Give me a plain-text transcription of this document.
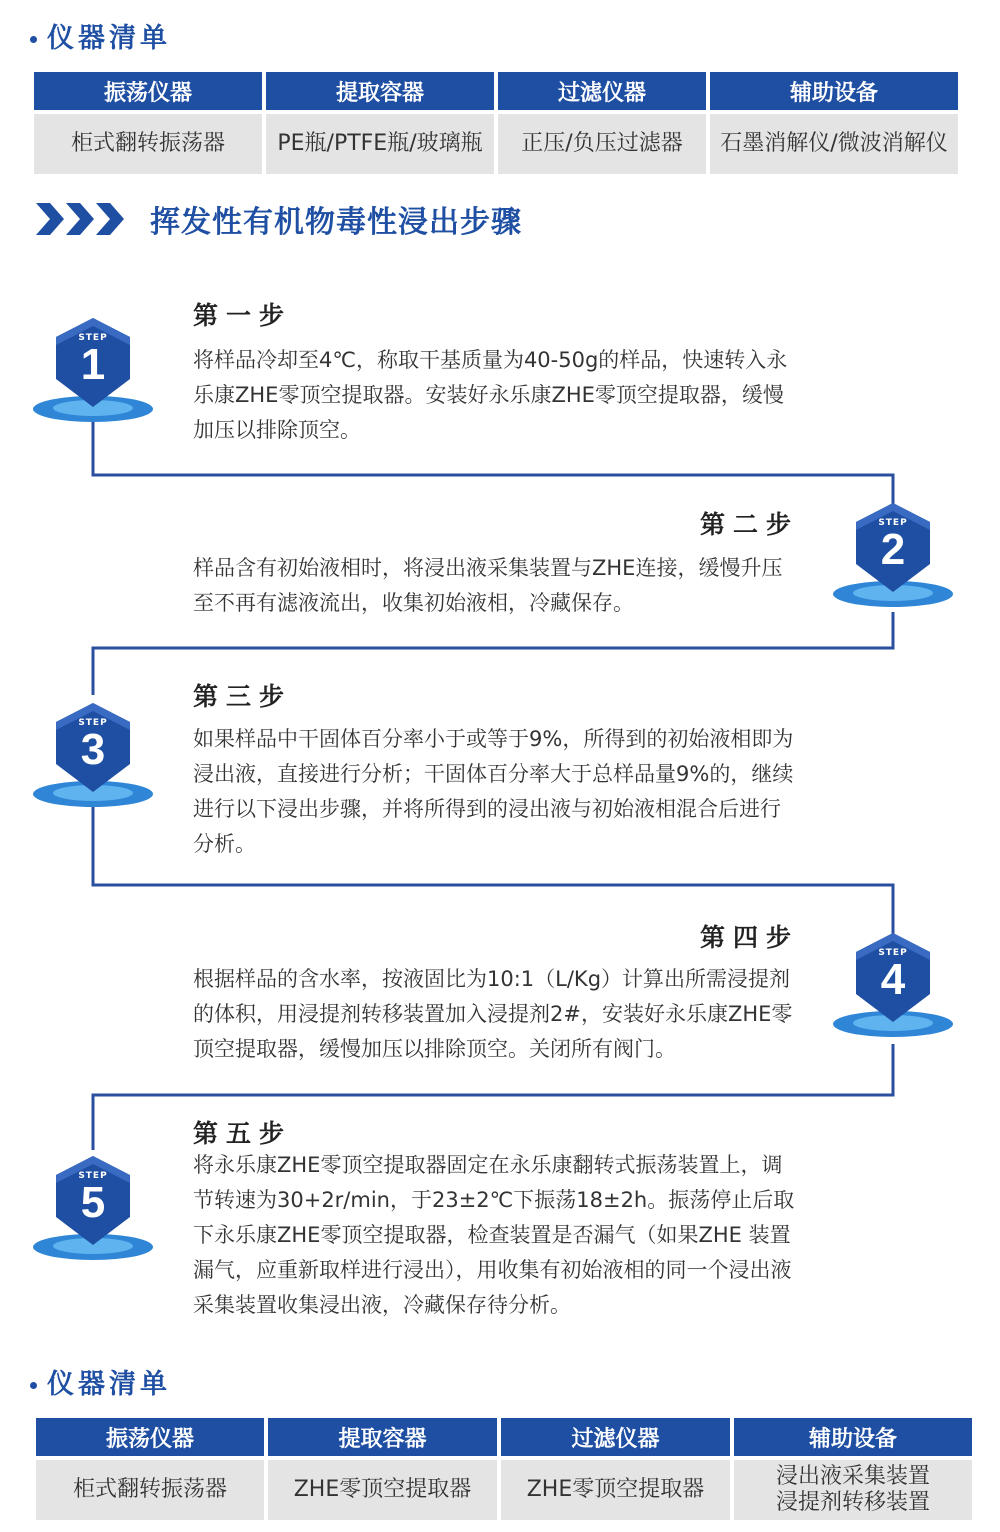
仪器清单
振荡仪器	提取容器	过滤仪器	辅助设备
柜式翻转振荡器	PE瓶/PTFE瓶/玻璃瓶	正压/负压过滤器	石墨消解仪/微波消解仪
挥发性有机物毒性浸出步骤
STEP
1
第一步
将样品冷却至4℃，称取干基质量为40-50g的样品，快速转入永乐康ZHE零顶空提取器。安装好永乐康ZHE零顶空提取器，缓慢加压以排除顶空。
STEP
2
第二步
样品含有初始液相时，将浸出液采集装置与ZHE连接，缓慢升压至不再有滤液流出，收集初始液相，冷藏保存。
STEP
3
第三步
如果样品中干固体百分率小于或等于9%，所得到的初始液相即为浸出液，直接进行分析；干固体百分率大于总样品量9%的，继续进行以下浸出步骤，并将所得到的浸出液与初始液相混合后进行分析。
STEP
4
第四步
根据样品的含水率，按液固比为10:1（L/Kg）计算出所需浸提剂的体积，用浸提剂转移装置加入浸提剂2#，安装好永乐康ZHE零顶空提取器，缓慢加压以排除顶空。关闭所有阀门。
STEP
5
第五步
将永乐康ZHE零顶空提取器固定在永乐康翻转式振荡装置上，调节转速为30+2r/min，于23±2℃下振荡18±2h。振荡停止后取下永乐康ZHE零顶空提取器，检查装置是否漏气（如果ZHE 装置漏气，应重新取样进行浸出），用收集有初始液相的同一个浸出液采集装置收集浸出液，冷藏保存待分析。
仪器清单
振荡仪器	提取容器	过滤仪器	辅助设备
柜式翻转振荡器	ZHE零顶空提取器	ZHE零顶空提取器	浸出液采集装置
浸提剂转移装置
